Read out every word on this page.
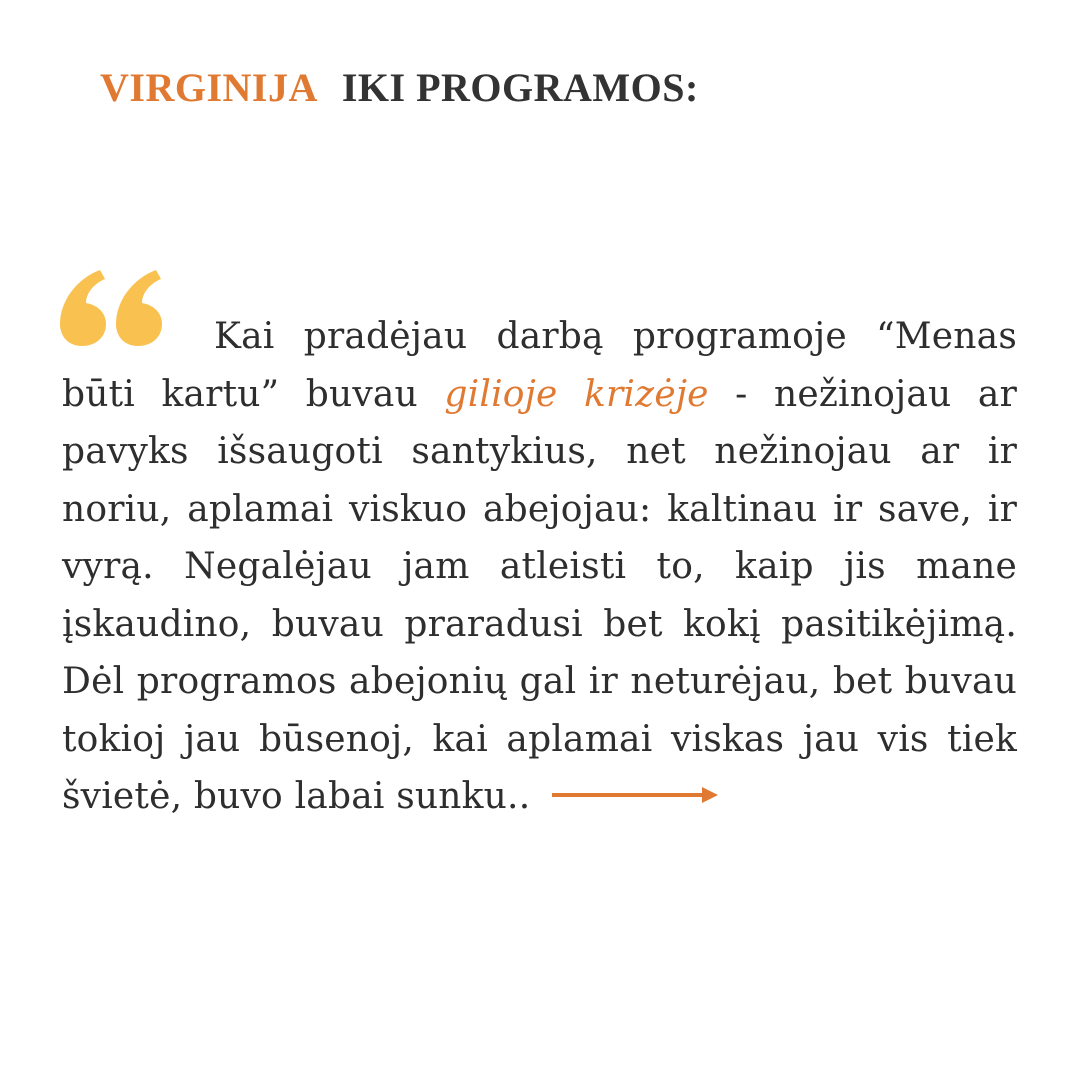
VIRGINIJA IKI PROGRAMOS:

Kai pradėjau darbą programoje “Menas būti kartu” buvau gilioje krizėje - nežinojau ar pavyks išsaugoti santykius, net nežinojau ar ir noriu, aplamai viskuo abejojau: kaltinau ir save, ir vyrą. Negalėjau jam atleisti to, kaip jis mane įskaudino, buvau praradusi bet kokį pasitikėjimą. Dėl programos abejonių gal ir neturėjau, bet buvau tokioj jau būsenoj, kai aplamai viskas jau vis tiek švietė, buvo labai sunku..
